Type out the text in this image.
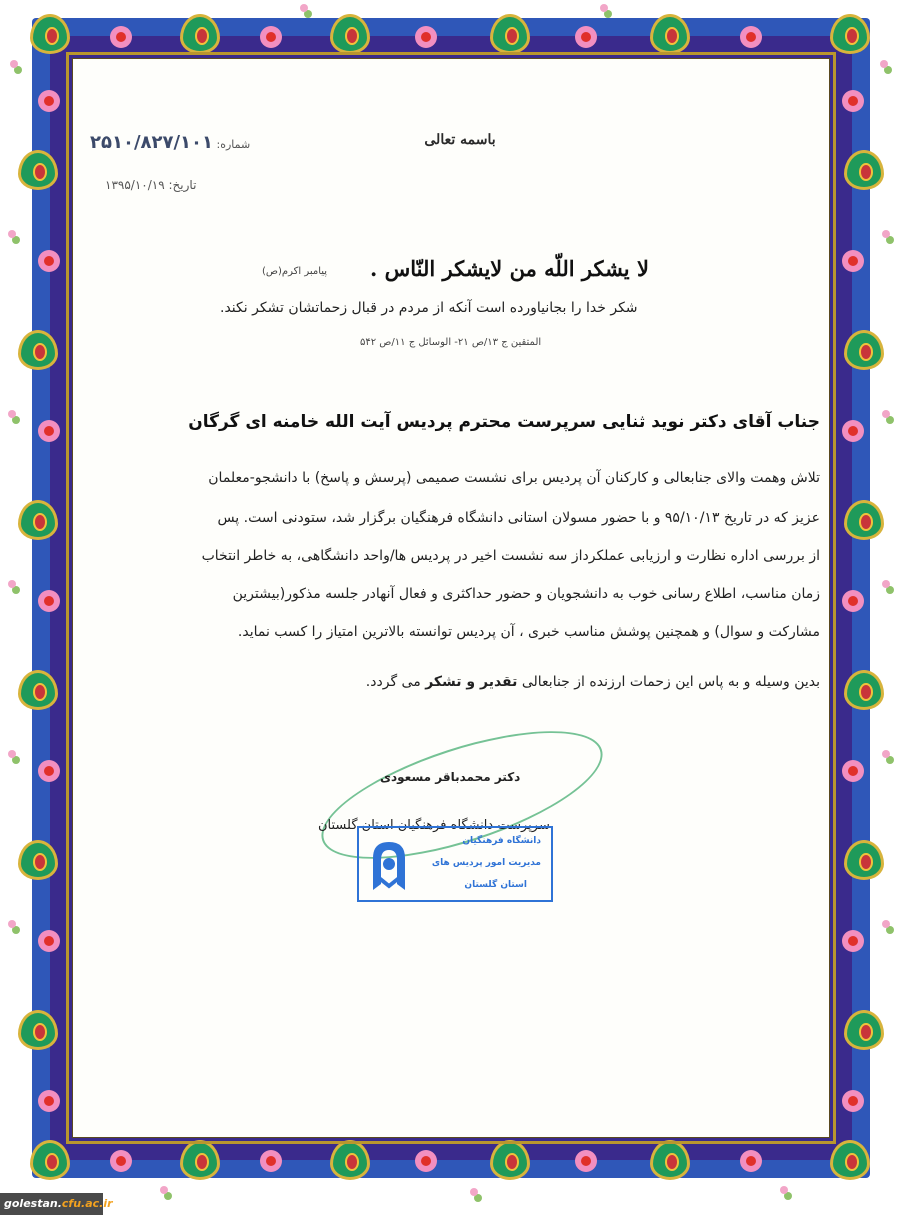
باسمه تعالی
شماره: ۲۵۱۰/۸۲۷/۱۰۱
تاریخ: ۱۳۹۵/۱۰/۱۹
لا یشکر اللّه من لایشکر النّاس .
پیامبر اکرم(ص)
شکر خدا را بجانیاورده است آنکه از مردم در قبال زحماتشان تشکر نکند.
المتقین ج ۱۳/ص ۲۱- الوسائل ج ۱۱/ص ۵۴۲
جناب آقای دکتر نوید ثنایی سرپرست محترم پردیس آیت الله خامنه ای گرگان
تلاش وهمت والای جنابعالی و کارکنان آن پردیس برای نشست صمیمی (پرسش و پاسخ) با دانشجو-معلمان
عزیز که در تاریخ ۹۵/۱۰/۱۳ و با حضور مسولان استانی دانشگاه فرهنگیان برگزار شد، ستودنی است. پس
از بررسی اداره نظارت و ارزیابی عملکرداز سه نشست اخیر در پردیس ها/واحد دانشگاهی، به خاطر انتخاب
زمان مناسب، اطلاع رسانی خوب به دانشجویان و حضور حداکثری و فعال آنهادر جلسه مذکور(بیشترین
مشارکت و سوال) و همچنین پوشش مناسب خبری ، آن پردیس توانسته بالاترین امتیاز را کسب نماید.
بدین وسیله و به پاس این زحمات ارزنده از جنابعالی تقدیر و تشکر می گردد.
دکتر محمدباقر مسعودی
سرپرست دانشگاه فرهنگیان استان گلستان
دانشگاه فرهنگیان
مدیریت امور پردیس های
استان گلستان
golestan.cfu.ac.ir
